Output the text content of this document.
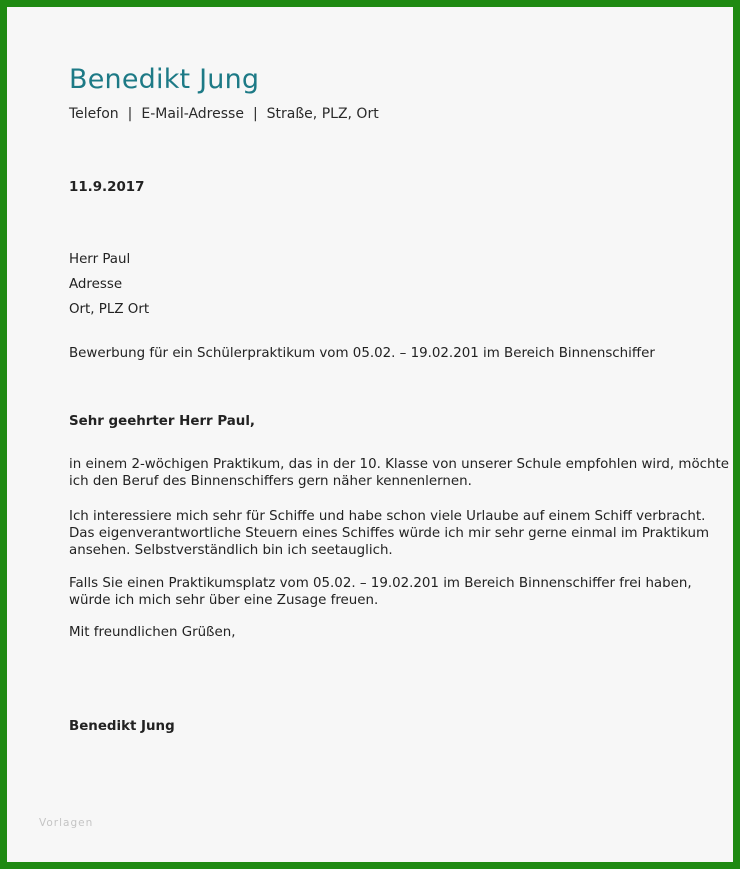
Benedikt Jung
Telefon | E-Mail-Adresse | Straße, PLZ, Ort
11.9.2017
Herr Paul
Adresse
Ort, PLZ Ort
Bewerbung für ein Schülerpraktikum vom 05.02. – 19.02.201 im Bereich Binnenschiffer
Sehr geehrter Herr Paul,
in einem 2-wöchigen Praktikum, das in der 10. Klasse von unserer Schule empfohlen wird, möchte
ich den Beruf des Binnenschiffers gern näher kennenlernen.
Ich interessiere mich sehr für Schiffe und habe schon viele Urlaube auf einem Schiff verbracht.
Das eigenverantwortliche Steuern eines Schiffes würde ich mir sehr gerne einmal im Praktikum
ansehen. Selbstverständlich bin ich seetauglich.
Falls Sie einen Praktikumsplatz vom 05.02. – 19.02.201 im Bereich Binnenschiffer frei haben,
würde ich mich sehr über eine Zusage freuen.
Mit freundlichen Grüßen,
Benedikt Jung
Vorlagen
